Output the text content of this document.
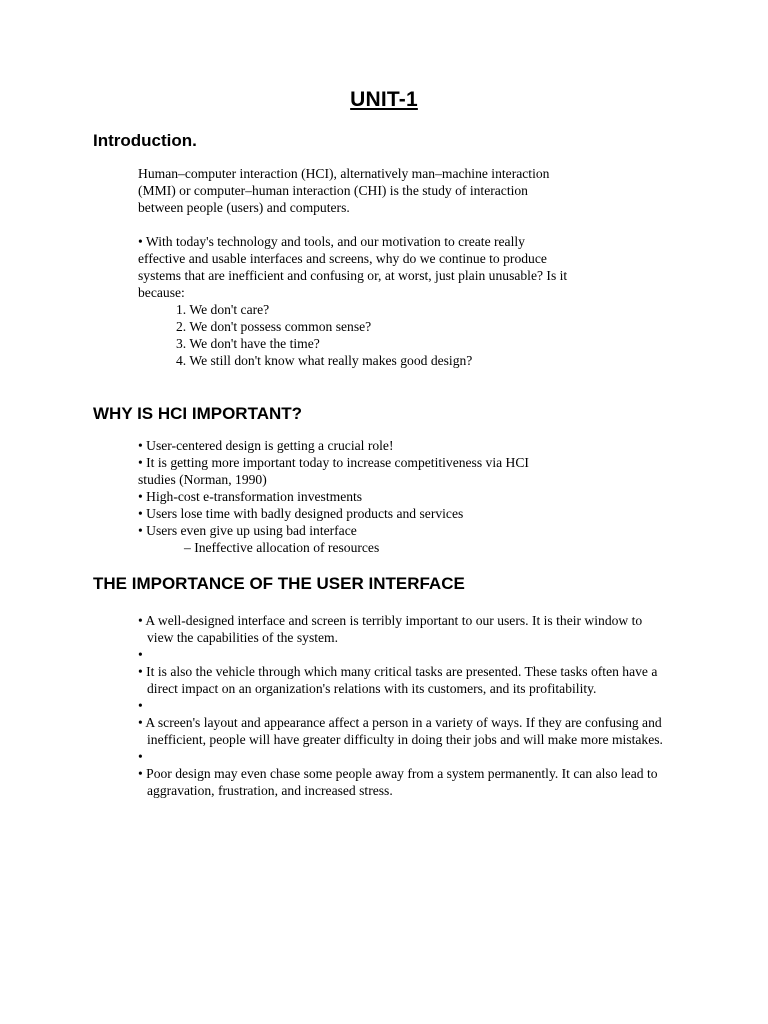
UNIT-1
Introduction.

Human–computer interaction (HCI), alternatively man–machine interaction

(MMI) or computer–human interaction (CHI) is the study of interaction

between people (users) and computers.

• With today's technology and tools, and our motivation to create really

effective and usable interfaces and screens, why do we continue to produce

systems that are inefficient and confusing or, at worst, just plain unusable? Is it

because:

1. We don't care?
2. We don't possess common sense?
3. We don't have the time?
4. We still don't know what really makes good design?
WHY IS HCI IMPORTANT?
• User-centered design is getting a crucial role!
• It is getting more important today to increase competitiveness via HCI
studies (Norman, 1990)
• High-cost e-transformation investments
• Users lose time with badly designed products and services
• Users even give up using bad interface
– Ineffective allocation of resources
THE IMPORTANCE OF THE USER INTERFACE
• A well-designed interface and screen is terribly important to our users. It is their window to view the capabilities of the system.
•
• It is also the vehicle through which many critical tasks are presented. These tasks often have a direct impact on an organization's relations with its customers, and its profitability.
•
• A screen's layout and appearance affect a person in a variety of ways. If they are confusing and inefficient, people will have greater difficulty in doing their jobs and will make more mistakes.
•
• Poor design may even chase some people away from a system permanently. It can also lead to aggravation, frustration, and increased stress.
